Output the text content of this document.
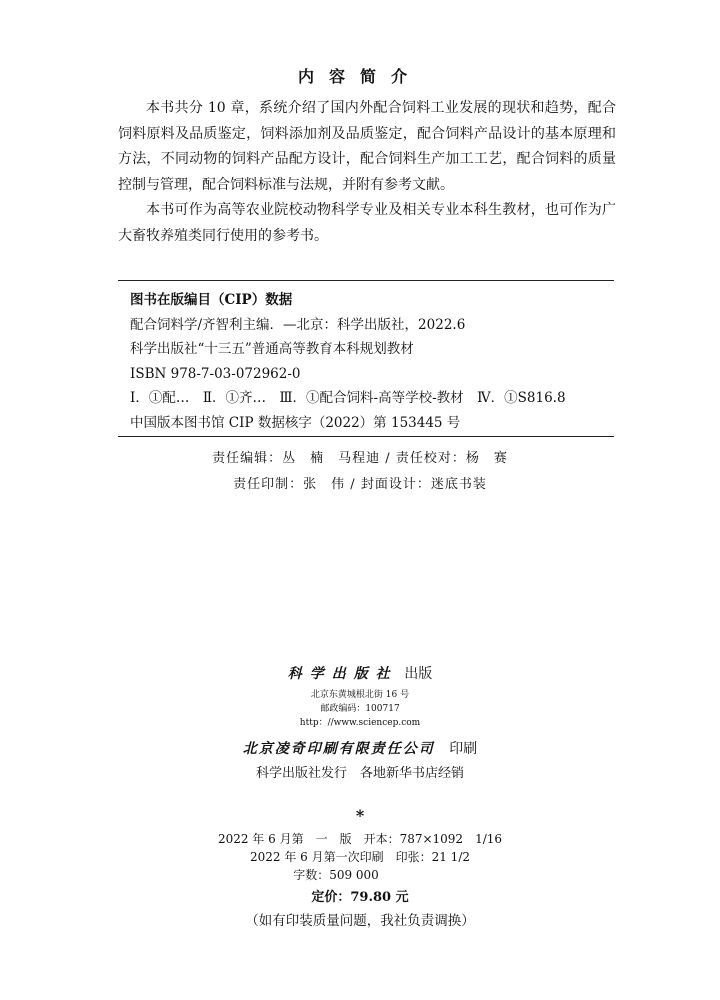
内容简介

本书共分 10 章，系统介绍了国内外配合饲料工业发展的现状和趋势，配合饲料原料及品质鉴定，饲料添加剂及品质鉴定，配合饲料产品设计的基本原理和方法，不同动物的饲料产品配方设计，配合饲料生产加工工艺，配合饲料的质量控制与管理，配合饲料标准与法规，并附有参考文献。

本书可作为高等农业院校动物科学专业及相关专业本科生教材，也可作为广大畜牧养殖类同行使用的参考书。

图书在版编目（CIP）数据
配合饲料学/齐智利主编．—北京：科学出版社，2022.6
科学出版社“十三五”普通高等教育本科规划教材
ISBN 978-7-03-072962-0
Ⅰ．①配…　Ⅱ．①齐…　Ⅲ．①配合饲料-高等学校-教材　Ⅳ．①S816.8
中国版本图书馆 CIP 数据核字（2022）第 153445 号
责任编辑：丛　楠　马程迪 / 责任校对：杨　赛
责任印制：张　伟 / 封面设计：迷底书装
科学出版社 出版
北京东黄城根北街 16 号
邮政编码：100717
http：//www.sciencep.com
北京凌奇印刷有限责任公司 印刷
科学出版社发行　各地新华书店经销
*
2022 年 6 月第　一　版　开本：787×1092　1/16
2022 年 6 月第一次印刷　印张：21 1/2
字数：509 000　　　　
定价：79.80 元
（如有印装质量问题，我社负责调换）
